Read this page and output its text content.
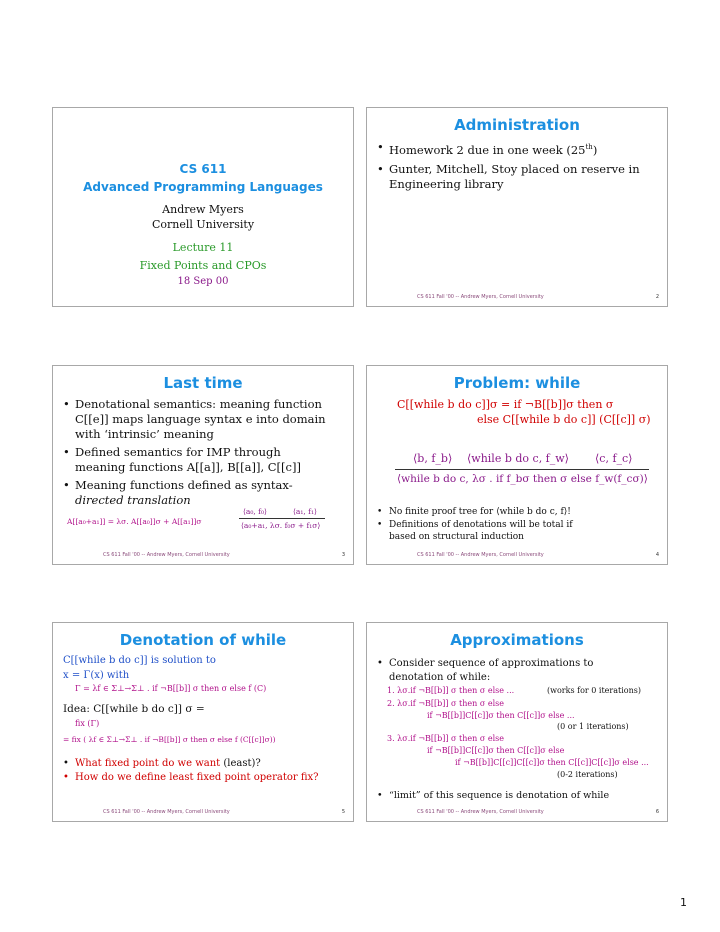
CS 611
Advanced Programming Languages
Andrew Myers
Cornell University
Lecture 11
Fixed Points and CPOs
18 Sep 00
Administration
• Homework 2 due in one week (25th)
• Gunter, Mitchell, Stoy placed on reserve in
Engineering library
CS 611 Fall '00 -- Andrew Myers, Cornell University	2
Last time
• Denotational semantics: meaning function
C[[e]] maps language syntax e into domain
with ‘intrinsic’ meaning
• Defined semantics for IMP through
meaning functions A[[a]], B[[a]], C[[c]]
• Meaning functions defined as syntax-
directed translation
A[[a₀+a₁]] = λσ. A[[a₀]]σ + A[[a₁]]σ
⟨a₀, f₀⟩	⟨a₁, f₁⟩
⟨a₀+a₁, λσ. f₀σ + f₁σ⟩
CS 611 Fall '00 -- Andrew Myers, Cornell University	3
Problem: while
C[[while b do c]]σ = if ¬B[[b]]σ then σ
else C[[while b do c]] (C[[c]] σ)
⟨b, f_b⟩ ⟨while b do c, f_w⟩ ⟨c, f_c⟩
⟨while b do c, λσ . if f_bσ then σ else f_w(f_cσ)⟩
• No finite proof tree for ⟨while b do c, f⟩!
• Definitions of denotations will be total if
based on structural induction
CS 611 Fall '00 -- Andrew Myers, Cornell University	4
Denotation of while
C[[while b do c]] is solution to
x = Γ(x) with
Γ = λf ∈ Σ⊥→Σ⊥ . if ¬B[[b]] σ then σ else f (C)
Idea: C[[while b do c]] σ =
fix (Γ)
= fix ( λf ∈ Σ⊥→Σ⊥ . if ¬B[[b]] σ then σ else f (C[[c]]σ))
• What fixed point do we want (least)?
• How do we define least fixed point operator fix?
CS 611 Fall '00 -- Andrew Myers, Cornell University	5
Approximations
• Consider sequence of approximations to
denotation of while:
1. λσ.if ¬B[[b]] σ then σ else ...	(works for 0 iterations)
2. λσ.if ¬B[[b]] σ then σ else
if ¬B[[b]]C[[c]]σ then C[[c]]σ else ...
(0 or 1 iterations)
3. λσ.if ¬B[[b]] σ then σ else
if ¬B[[b]]C[[c]]σ then C[[c]]σ else
if ¬B[[b]]C[[c]]C[[c]]σ then C[[c]]C[[c]]σ else ...
(0-2 iterations)
• “limit” of this sequence is denotation of while
CS 611 Fall '00 -- Andrew Myers, Cornell University	6
1
